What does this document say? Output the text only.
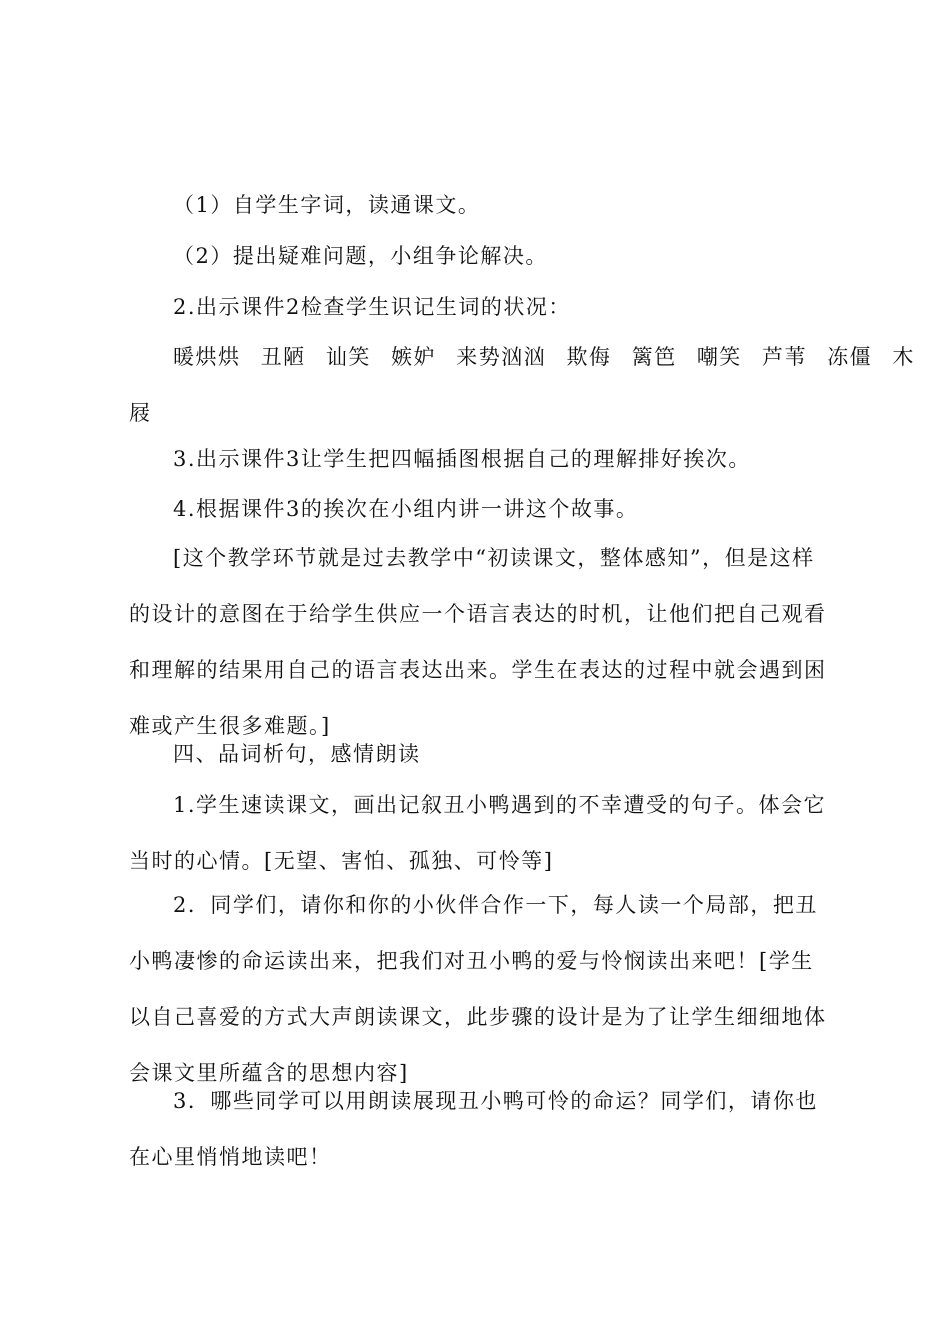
（1）自学生字词，读通课文。

（2）提出疑难问题，小组争论解决。

2.出示课件2检查学生识记生词的状况：

暖烘烘 丑陋 讪笑 嫉妒 来势汹汹 欺侮 篱笆 嘲笑 芦苇 冻僵 木
屐

3.出示课件3让学生把四幅插图根据自己的理解排好挨次。

4.根据课件3的挨次在小组内讲一讲这个故事。

[这个教学环节就是过去教学中“初读课文，整体感知”，但是这样的设计的意图在于给学生供应一个语言表达的时机，让他们把自己观看和理解的结果用自己的语言表达出来。学生在表达的过程中就会遇到困难或产生很多难题。]

四、品词析句，感情朗读

1.学生速读课文，画出记叙丑小鸭遇到的不幸遭受的句子。体会它当时的心情。[无望、害怕、孤独、可怜等]

2．同学们，请你和你的小伙伴合作一下，每人读一个局部，把丑小鸭凄惨的命运读出来，把我们对丑小鸭的爱与怜悯读出来吧！[学生以自己喜爱的方式大声朗读课文，此步骤的设计是为了让学生细细地体会课文里所蕴含的思想内容]

3．哪些同学可以用朗读展现丑小鸭可怜的命运？同学们，请你也在心里悄悄地读吧！
